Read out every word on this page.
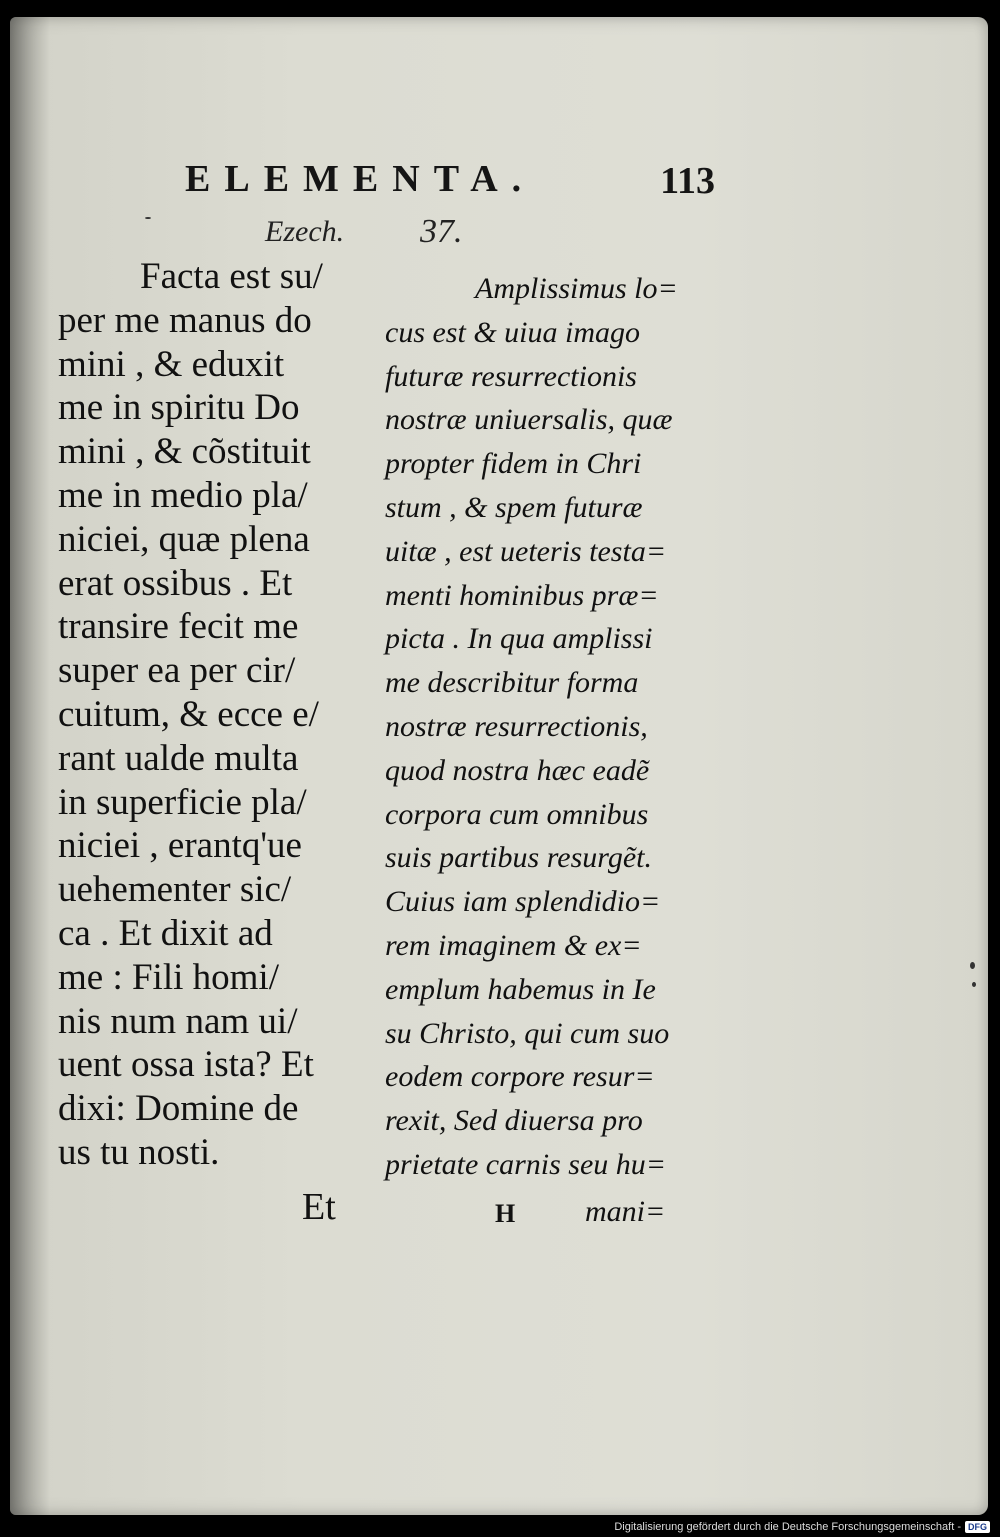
ELEMENTA.	113
Ezech. 37.
Facta est su/
per me manus do
mini , & eduxit
me in spiritu Do
mini , & cõstituit
me in medio pla/
niciei, quæ plena
erat ossibus . Et
transire fecit me
super ea per cir/
cuitum, & ecce e/
rant ualde multa
in superficie pla/
niciei , erantq'ue
uehementer sic/
ca . Et dixit ad
me : Fili homi/
nis num nam ui/
uent ossa ista? Et
dixi: Domine de
us tu nosti.
Amplissimus lo=
cus est & uiua imago
futuræ resurrectionis
nostræ uniuersalis, quæ
propter fidem in Chri
stum , & spem futuræ
uitæ , est ueteris testa=
menti hominibus præ=
picta . In qua amplissi
me describitur forma
nostræ resurrectionis,
quod nostra hæc eadẽ
corpora cum omnibus
suis partibus resurgẽt.
Cuius iam splendidio=
rem imaginem & ex=
emplum habemus in Ie
su Christo, qui cum suo
eodem corpore resur=
rexit, Sed diuersa pro
prietate carnis seu hu=
Et	H mani=
Digitalisierung gefördert durch die Deutsche Forschungsgemeinschaft - DFG
